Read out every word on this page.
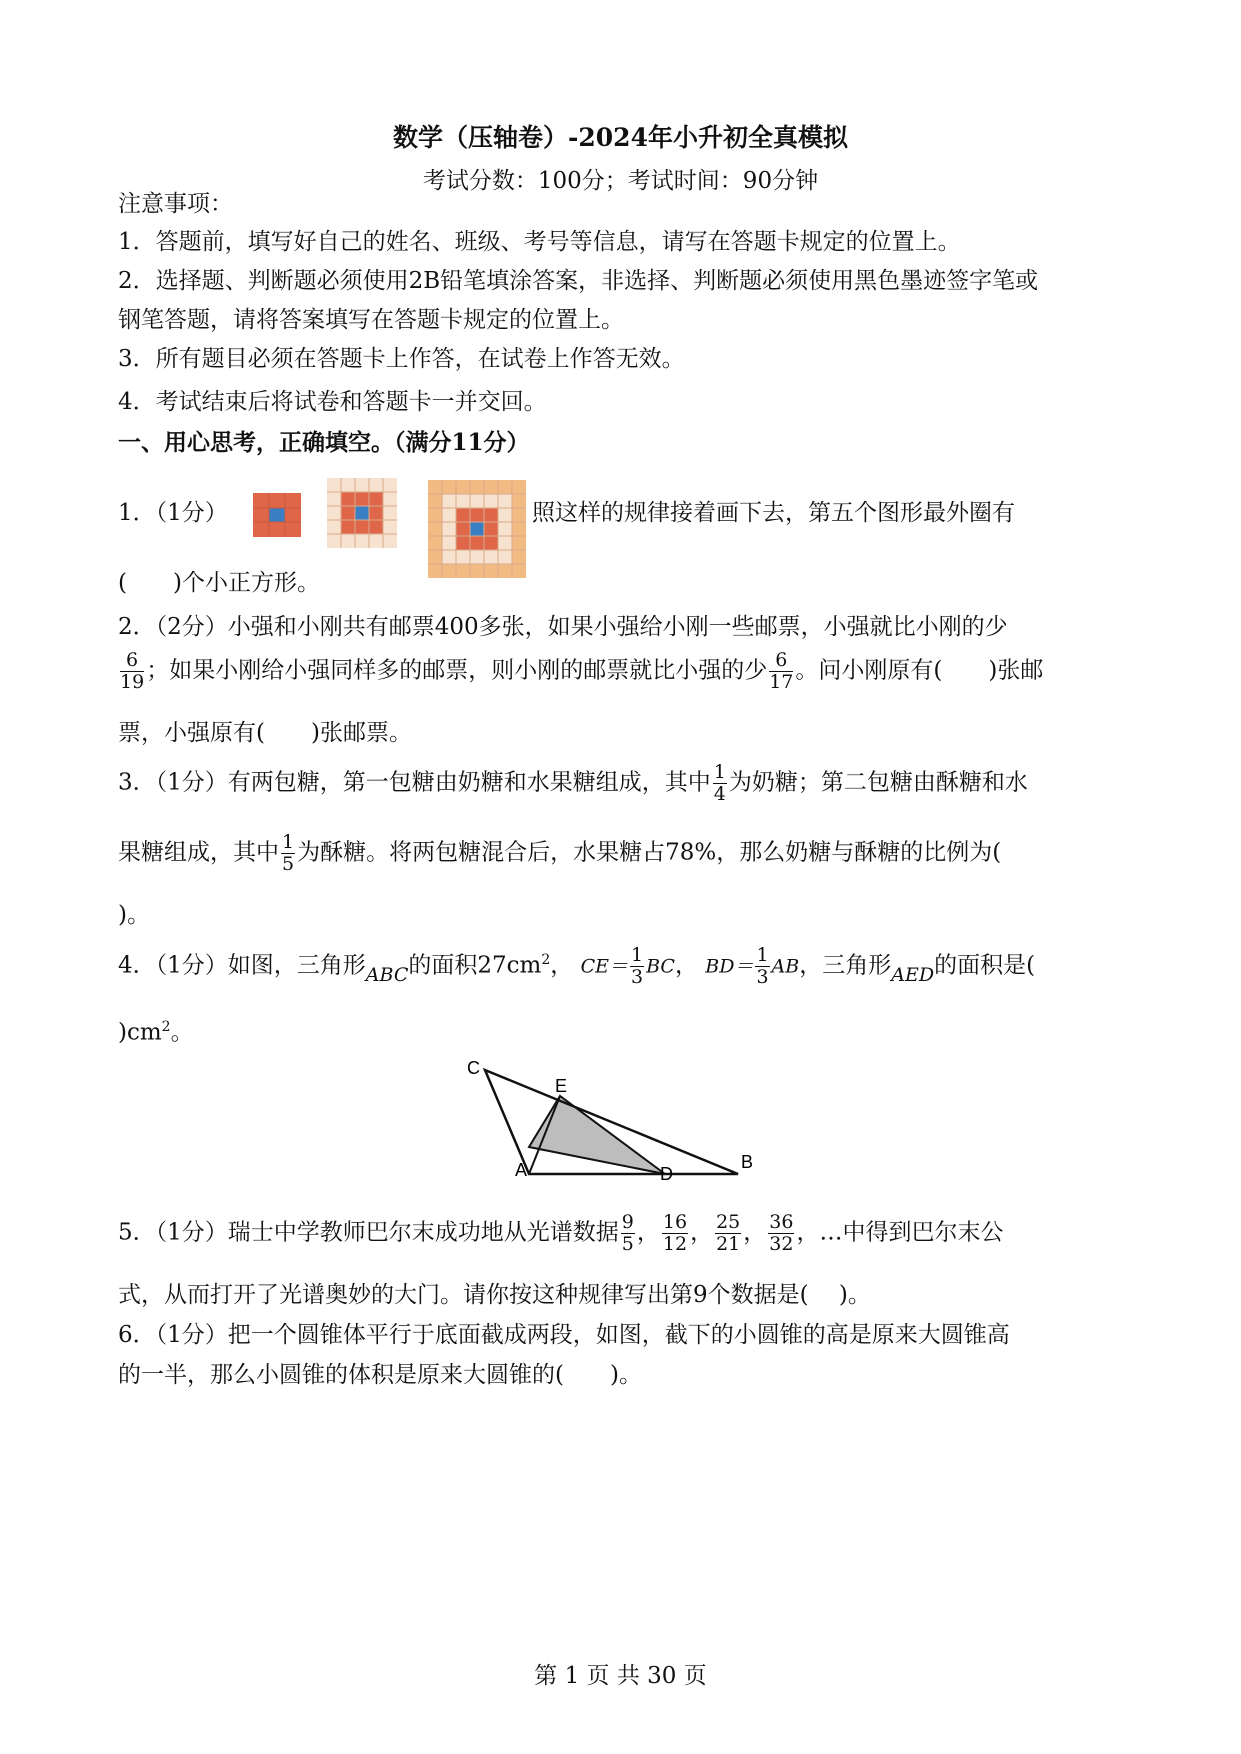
数学（压轴卷）-2024年小升初全真模拟
考试分数：100分；考试时间：90分钟
注意事项：
1．答题前，填写好自己的姓名、班级、考号等信息，请写在答题卡规定的位置上。
2．选择题、判断题必须使用2B铅笔填涂答案，非选择、判断题必须使用黑色墨迹签字笔或
钢笔答题，请将答案填写在答题卡规定的位置上。
3．所有题目必须在答题卡上作答，在试卷上作答无效。
4．考试结束后将试卷和答题卡一并交回。
一、用心思考，正确填空。（满分11分）
1．（1分）	照这样的规律接着画下去，第五个图形最外圈有
(　　)个小正方形。
2．（2分）小强和小刚共有邮票400多张，如果小强给小刚一些邮票，小强就比小刚的少
$\frac{6}{19}$ ；如果小刚给小强同样多的邮票，则小刚的邮票就比小强的少 $\frac{6}{17}$ 。问小刚原有(　　)张邮
票，小强原有(　　)张邮票。
3．（1分）有两包糖，第一包糖由奶糖和水果糖组成，其中 $\frac{1}{4}$ 为奶糖；第二包糖由酥糖和水
果糖组成，其中 $\frac{1}{5}$ 为酥糖。将两包糖混合后，水果糖占78%，那么奶糖与酥糖的比例为(
)。
4．（1分）如图，三角形$_{ABC}$的面积$27cm^2$， $CE= \frac{1}{3}$ BC， $BD= \frac{1}{3}$ AB，三角形$_{AED}$的面积是(
)$cm^2$。
C
E
A	D
B
5．（1分）瑞士中学教师巴尔末成功地从光谱数据 $\frac{9}{5}$ ， $\frac{16}{12}$ ， $\frac{25}{21}$ ， $\frac{36}{32}$ ，…中得到巴尔末公
式，从而打开了光谱奥妙的大门。请你按这种规律写出第9个数据是(　 )。
6．（1分）把一个圆锥体平行于底面截成两段，如图，截下的小圆锥的高是原来大圆锥高
的一半，那么小圆锥的体积是原来大圆锥的(　　)。
第 1 页 共 30 页
